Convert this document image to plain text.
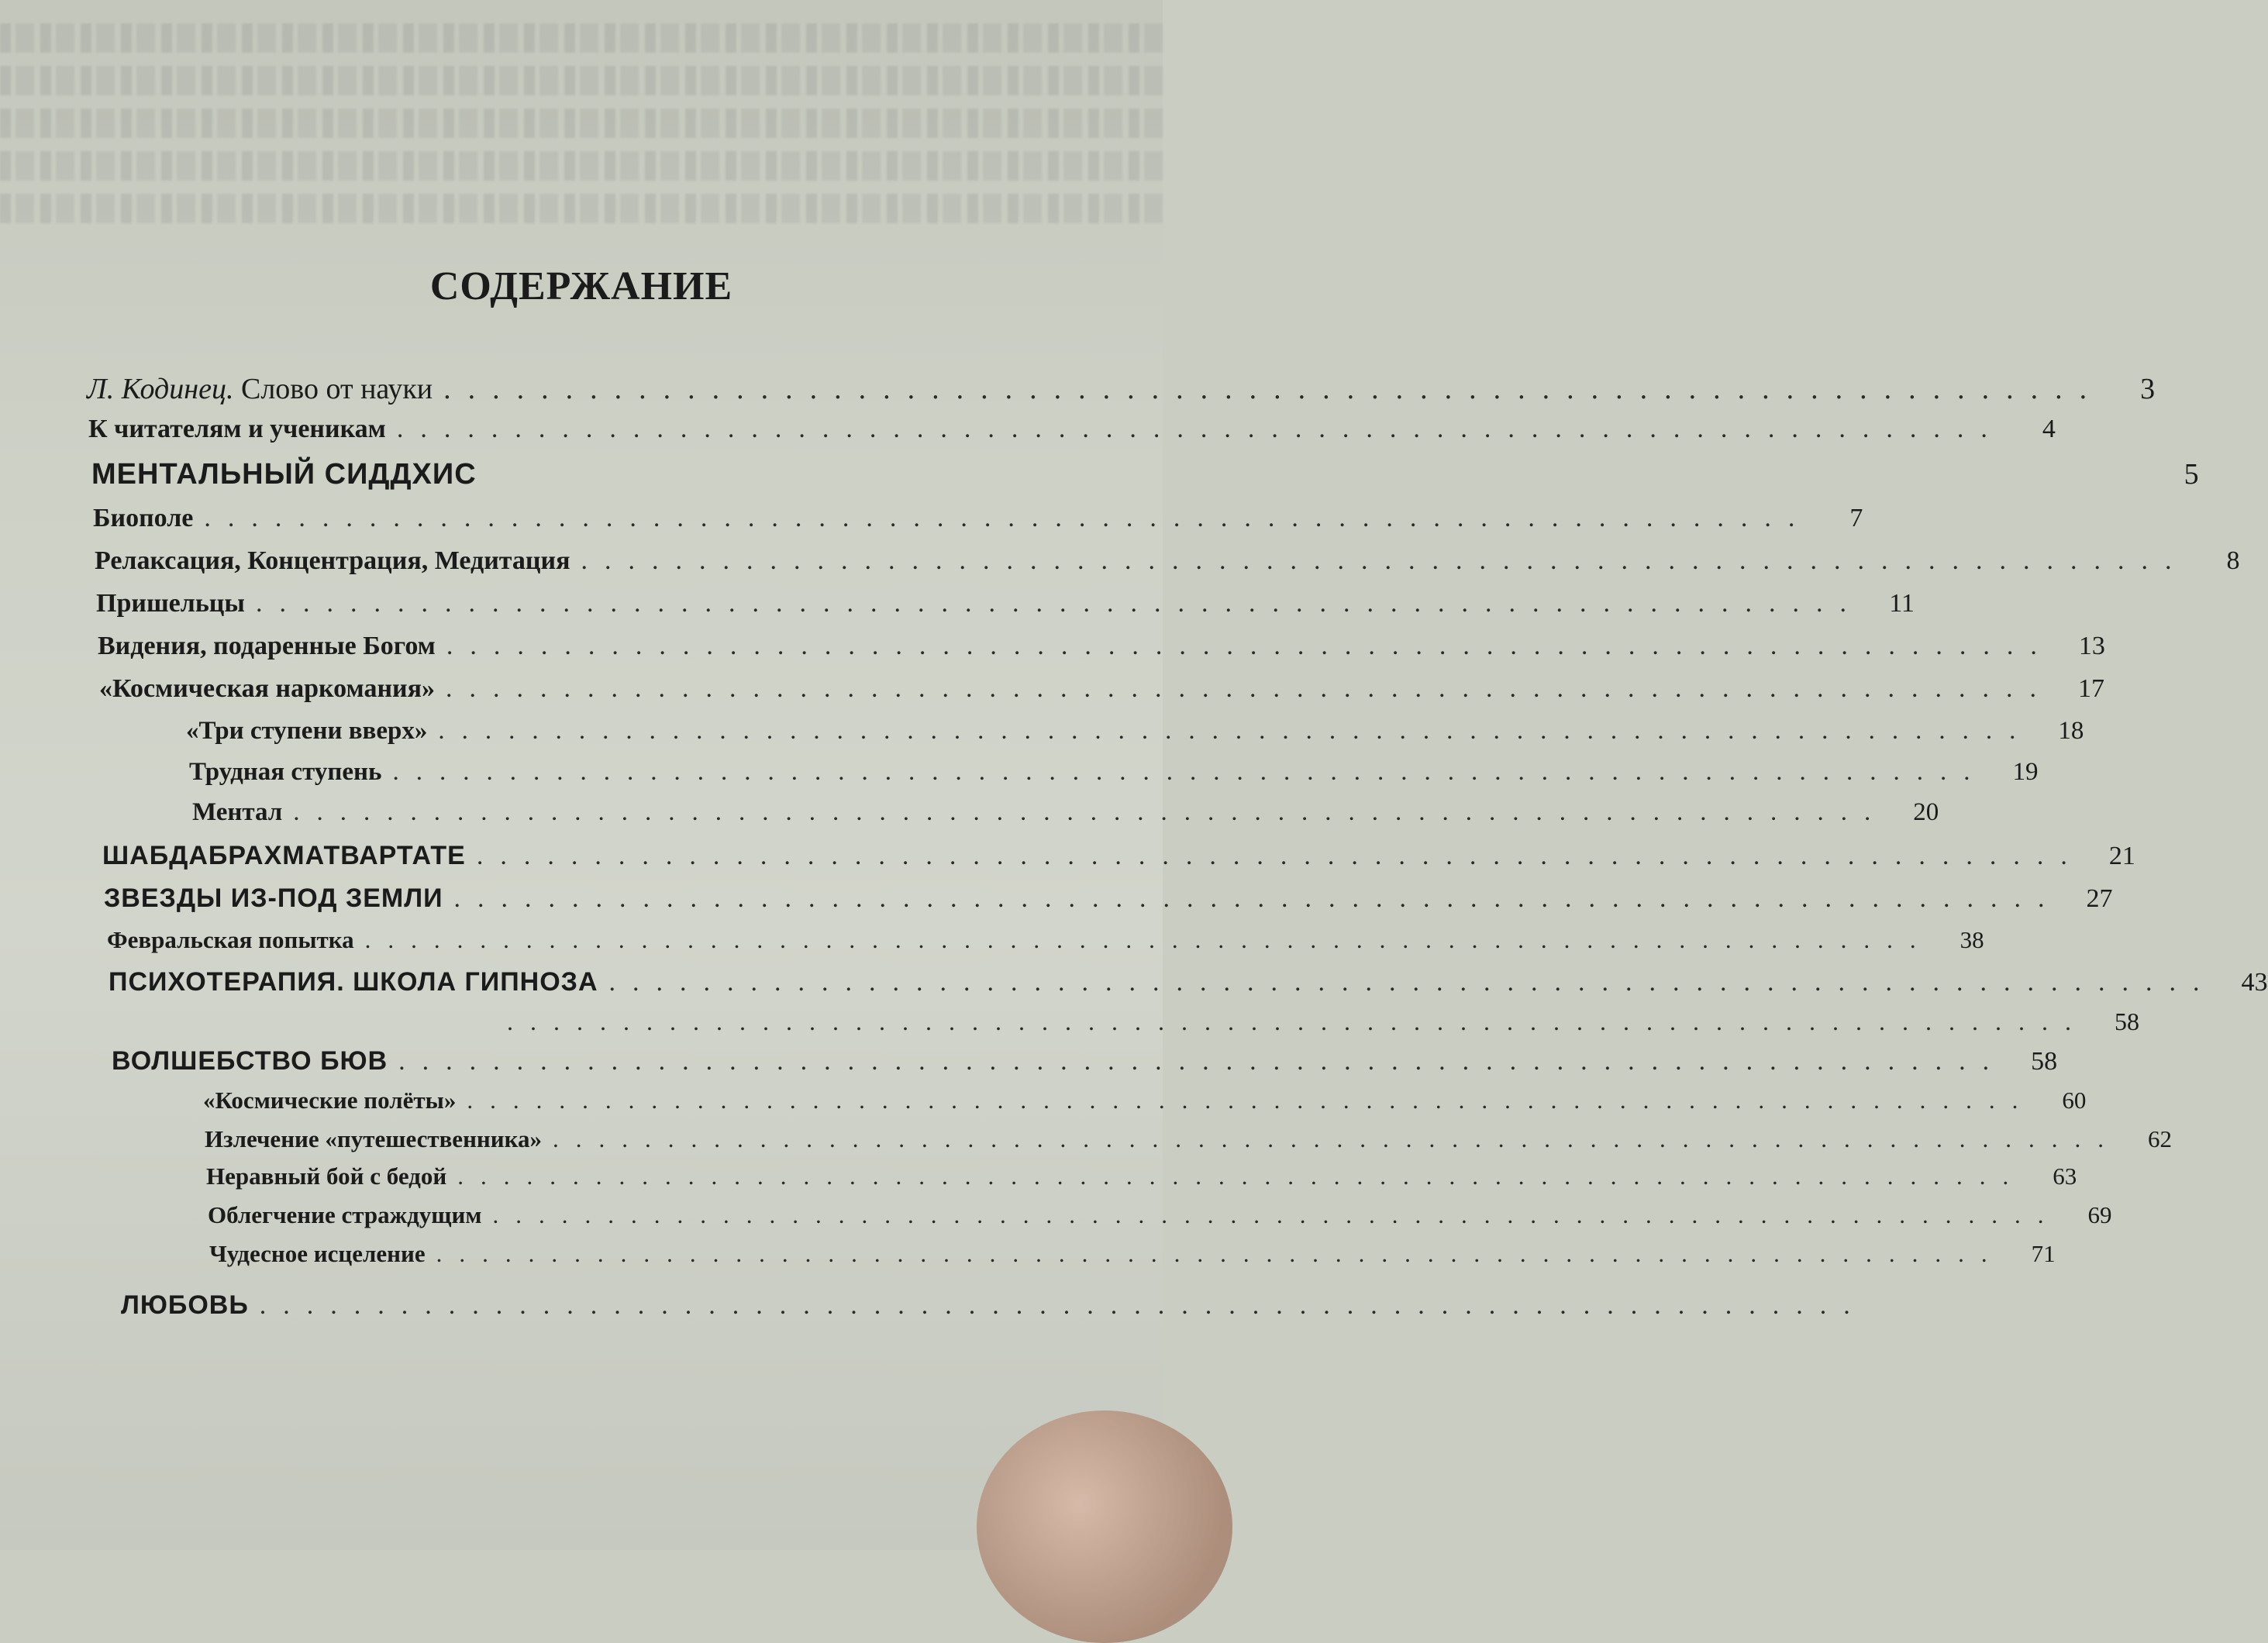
СОДЕРЖАНИЕ
Л. Кодинец. Слово от науки ....................................................................	3
К читателям и ученикам ....................................................................	4
МЕНТАЛЬНЫЙ СИДДХИС	5
Биополе ....................................................................	7
Релаксация, Концентрация, Медитация ....................................................................	8
Пришельцы .................................................................... 11
Видения, подаренные Богом .................................................................... 13
«Космическая наркомания» .................................................................... 17
«Три ступени вверх» ....................................................................	18
Трудная ступень ....................................................................	19
Ментал ....................................................................	20
ШАБДАБРАХМАТВАРТАТЕ .................................................................... 21
ЗВЕЗДЫ ИЗ-ПОД ЗЕМЛИ .................................................................... 27
Февральская попытка ....................................................................	38
ПСИХОТЕРАПИЯ. ШКОЛА ГИПНОЗА .................................................................... 43
....................................................................	58
ВОЛШЕБСТВО БЮВ .................................................................... 58
«Космические полёты» ....................................................................	60
Излечение «путешественника» ....................................................................	62
Неравный бой с бедой ....................................................................	63
Облегчение страждущим ....................................................................	69
Чудесное исцеление ....................................................................	71
ЛЮБОВЬ ....................................................................
